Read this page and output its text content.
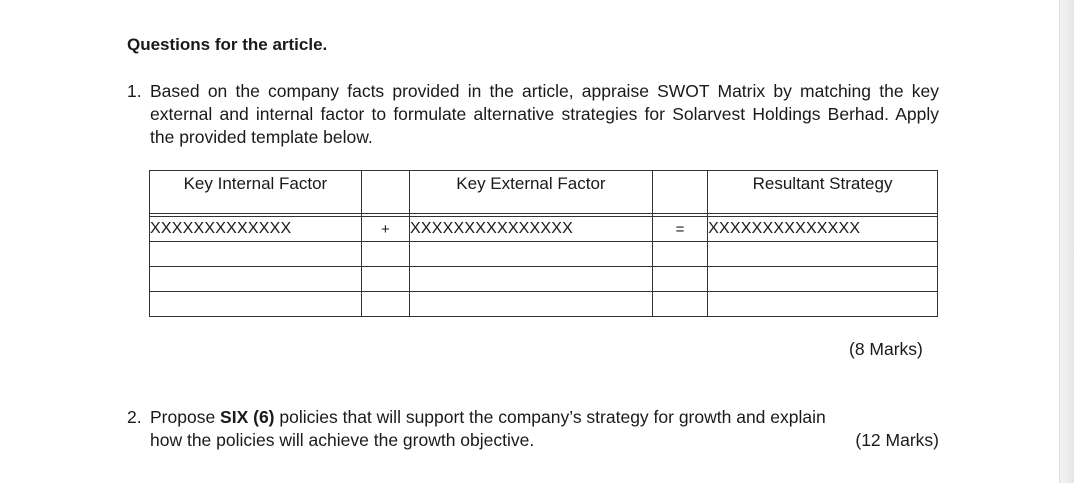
Questions for the article.
1. Based on the company facts provided in the article, appraise SWOT Matrix by matching the key external and internal factor to formulate alternative strategies for Solarvest Holdings Berhad. Apply the provided template below.
Key Internal Factor		Key External Factor		Resultant Strategy

XXXXXXXXXXXXX	+	XXXXXXXXXXXXXXX	=	XXXXXXXXXXXXXX

(8 Marks)
2. Propose SIX (6) policies that will support the company’s strategy for growth and explain
how the policies will achieve the growth objective.	(12 Marks)
